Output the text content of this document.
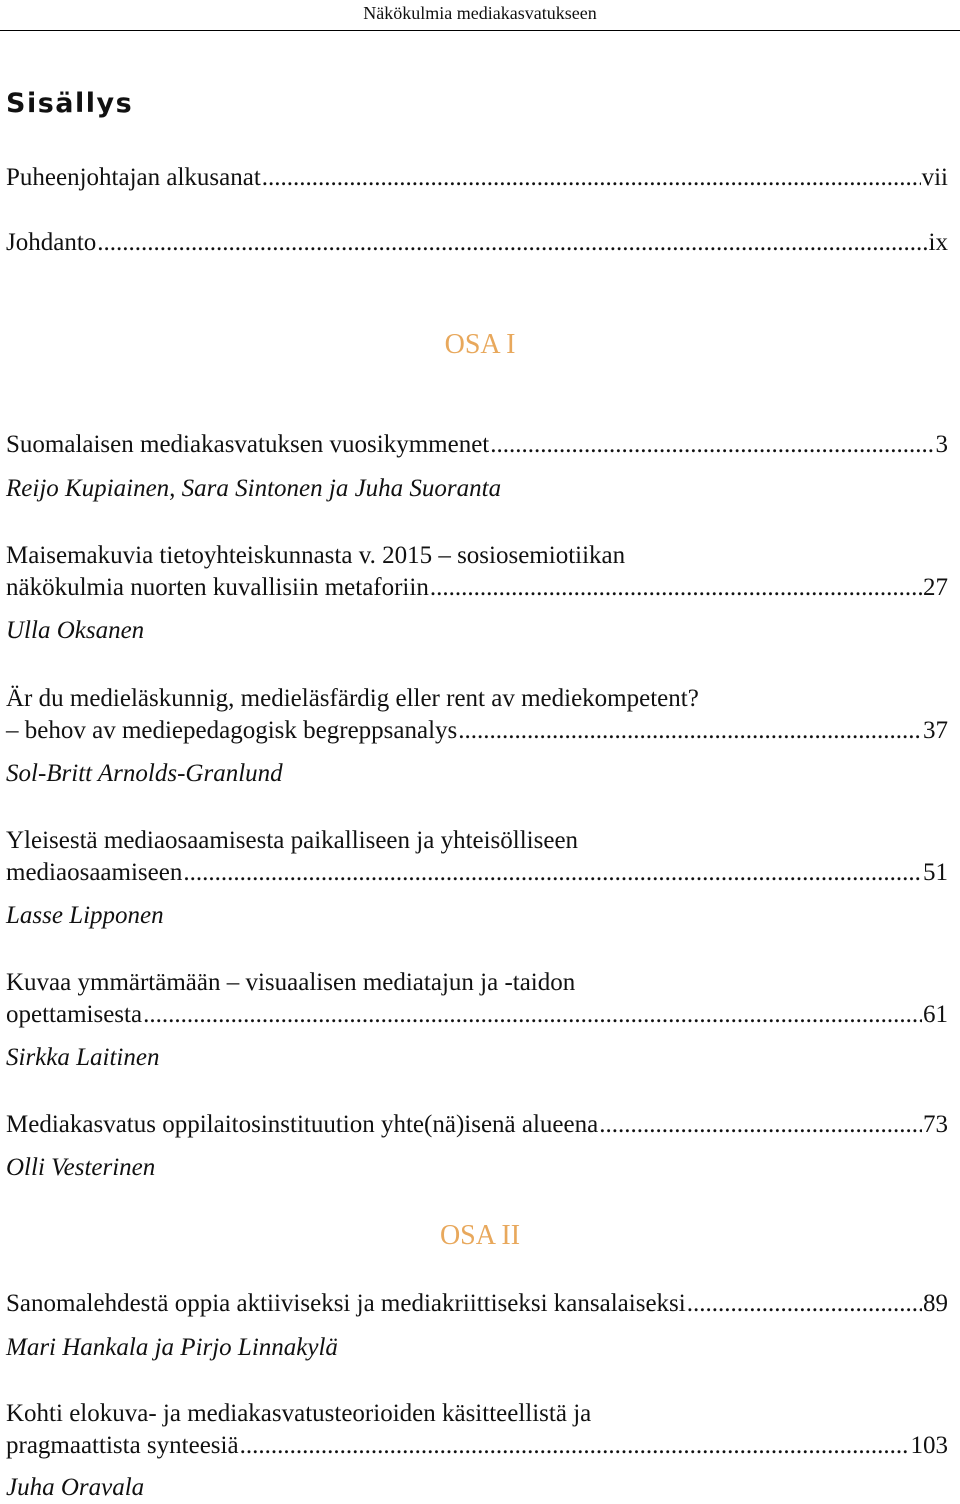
Näkökulmia mediakasvatukseen
Sisällys
Puheenjohtajan alkusanat .....	vii
Johdanto .....	ix
OSA I
Suomalaisen mediakasvatuksen vuosikymmenet .....	3
Reijo Kupiainen, Sara Sintonen ja Juha Suoranta
Maisemakuvia tietoyhteiskunnasta v. 2015 – sosiosemiotiikan
näkökulmia nuorten kuvallisiin metaforiin .....	27
Ulla Oksanen
Är du medieläskunnig, medieläsfärdig eller rent av mediekompetent?
– behov av mediepedagogisk begreppsanalys .....	37
Sol-Britt Arnolds-Granlund
Yleisestä mediaosaamisesta paikalliseen ja yhteisölliseen
mediaosaamiseen .....	51
Lasse Lipponen
Kuvaa ymmärtämään – visuaalisen mediatajun ja -taidon
opettamisesta .....	61
Sirkka Laitinen
Mediakasvatus oppilaitosinstituution yhte(nä)isenä alueena .....	73
Olli Vesterinen
OSA II
Sanomalehdestä oppia aktiiviseksi ja mediakriittiseksi kansalaiseksi .....	89
Mari Hankala ja Pirjo Linnakylä
Kohti elokuva- ja mediakasvatusteorioiden käsitteellistä ja
pragmaattista synteesiä .....	103
Juha Oravala
